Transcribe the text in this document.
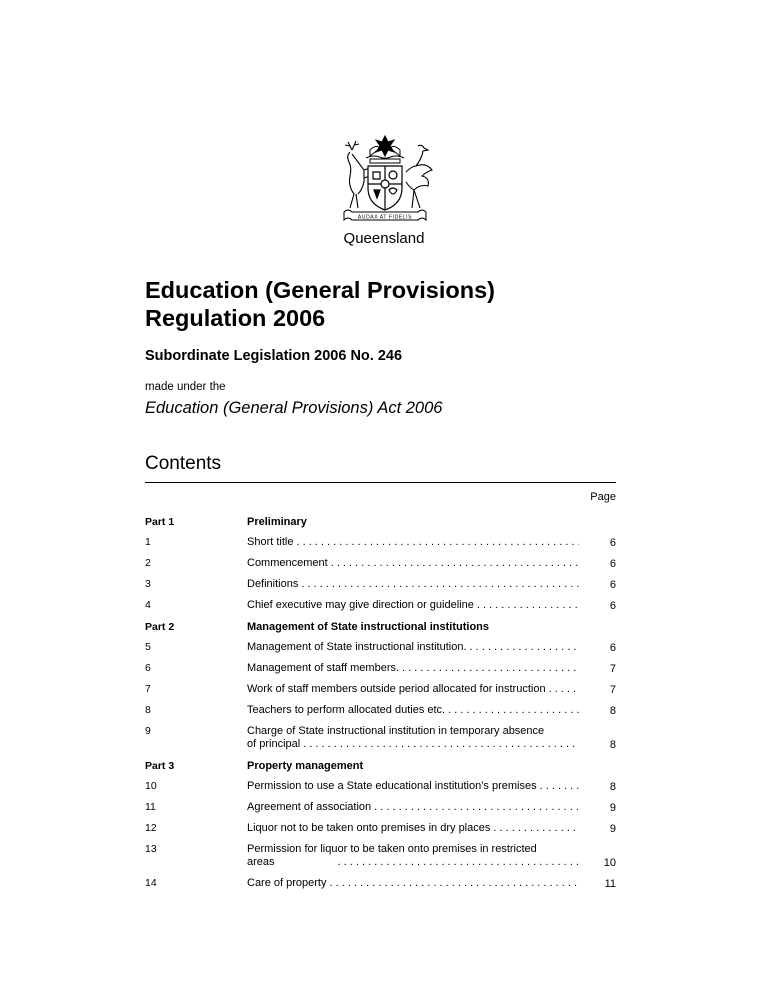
AUDAX AT FIDELIS
Queensland
Education (General Provisions)
Regulation 2006
Subordinate Legislation 2006 No. 246
made under the
Education (General Provisions) Act 2006
Contents
Page
Part 1	Preliminary
1	Short title . . .	6
2	Commencement . . .	6
3	Definitions . . .	6
4	Chief executive may give direction or guideline . . .	6
Part 2	Management of State instructional institutions
5	Management of State instructional institution. . . .	6
6	Management of staff members. . . .	7
7	Work of staff members outside period allocated for instruction . . .	7
8	Teachers to perform allocated duties etc. . . .	8
9	Charge of State instructional institution in temporary absence
of principal . . .	8
Part 3	Property management
10	Permission to use a State educational institution’s premises . . .	8
11	Agreement of association . . .	9
12	Liquor not to be taken onto premises in dry places . . .	9
13	Permission for liquor to be taken onto premises in restricted
areas . . .	10
14	Care of property . . .	11
